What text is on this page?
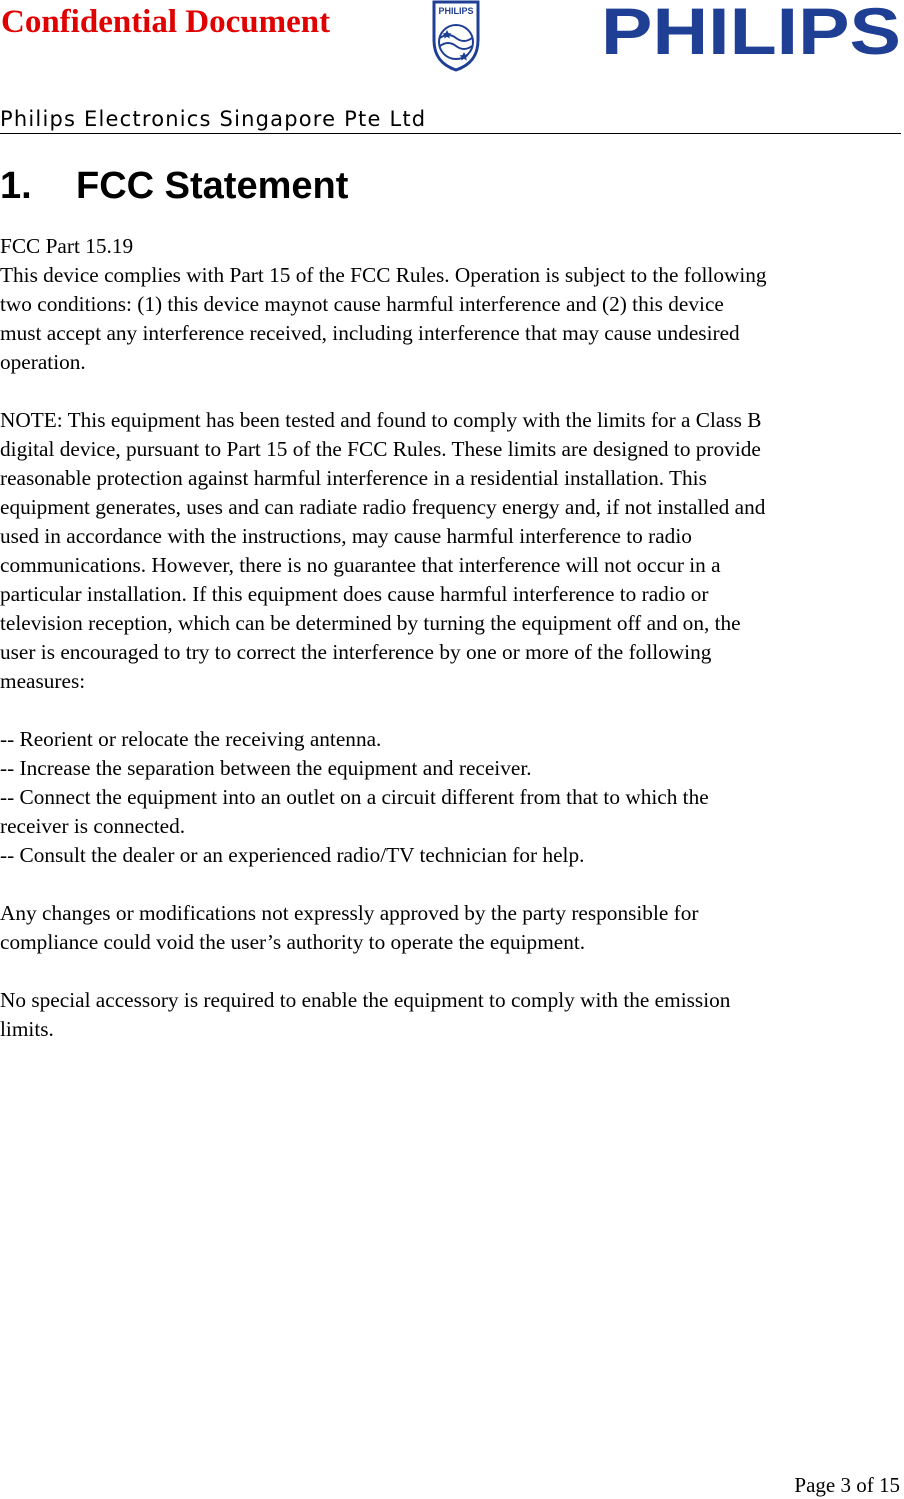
Confidential Document	PHILIPS PHILIPS
Philips Electronics Singapore Pte Ltd
1. FCC Statement

FCC Part 15.19

This device complies with Part 15 of the FCC Rules. Operation is subject to the following

two conditions: (1) this device maynot cause harmful interference and (2) this device

must accept any interference received, including interference that may cause undesired

operation.

NOTE: This equipment has been tested and found to comply with the limits for a Class B

digital device, pursuant to Part 15 of the FCC Rules. These limits are designed to provide

reasonable protection against harmful interference in a residential installation. This

equipment generates, uses and can radiate radio frequency energy and, if not installed and

used in accordance with the instructions, may cause harmful interference to radio

communications. However, there is no guarantee that interference will not occur in a

particular installation. If this equipment does cause harmful interference to radio or

television reception, which can be determined by turning the equipment off and on, the

user is encouraged to try to correct the interference by one or more of the following

measures:

-- Reorient or relocate the receiving antenna.

-- Increase the separation between the equipment and receiver.

-- Connect the equipment into an outlet on a circuit different from that to which the

receiver is connected.

-- Consult the dealer or an experienced radio/TV technician for help.

Any changes or modifications not expressly approved by the party responsible for

compliance could void the user’s authority to operate the equipment.

No special accessory is required to enable the equipment to comply with the emission

limits.

Page 3 of 15
